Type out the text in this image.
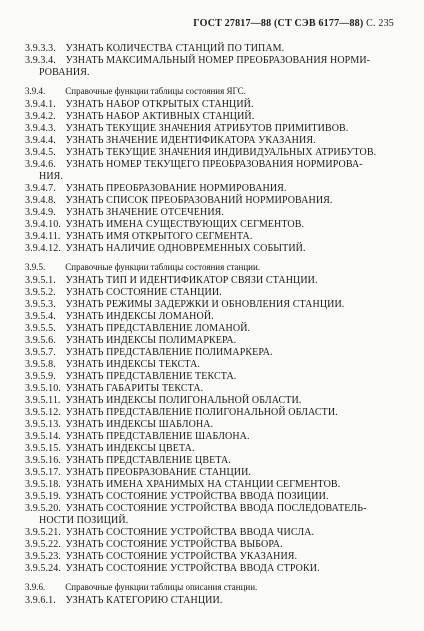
ГОСТ 27817—88 (СТ СЭВ 6177—88) С. 235
3.9.3.3. УЗНАТЬ КОЛИЧЕСТВА СТАНЦИЙ ПО ТИПАМ.
3.9.3.4. УЗНАТЬ МАКСИМАЛЬНЫЙ НОМЕР ПРЕОБРАЗОВАНИЯ НОРМИ-
РОВАНИЯ.
3.9.4. Справочные функции таблицы состояния ЯГС.
3.9.4.1. УЗНАТЬ НАБОР ОТКРЫТЫХ СТАНЦИЙ.
3.9.4.2. УЗНАТЬ НАБОР АКТИВНЫХ СТАНЦИЙ.
3.9.4.3. УЗНАТЬ ТЕКУЩИЕ ЗНАЧЕНИЯ АТРИБУТОВ ПРИМИТИВОВ.
3.9.4.4. УЗНАТЬ ЗНАЧЕНИЕ ИДЕНТИФИКАТОРА УКАЗАНИЯ.
3.9.4.5. УЗНАТЬ ТЕКУЩИЕ ЗНАЧЕНИЯ ИНДИВИДУАЛЬНЫХ АТРИБУТОВ.
3.9.4.6. УЗНАТЬ НОМЕР ТЕКУЩЕГО ПРЕОБРАЗОВАНИЯ НОРМИРОВА-
НИЯ.
3.9.4.7. УЗНАТЬ ПРЕОБРАЗОВАНИЕ НОРМИРОВАНИЯ.
3.9.4.8. УЗНАТЬ СПИСОК ПРЕОБРАЗОВАНИЙ НОРМИРОВАНИЯ.
3.9.4.9. УЗНАТЬ ЗНАЧЕНИЕ ОТСЕЧЕНИЯ.
3.9.4.10. УЗНАТЬ ИМЕНА СУЩЕСТВУЮЩИХ СЕГМЕНТОВ.
3.9.4.11. УЗНАТЬ ИМЯ ОТКРЫТОГО СЕГМЕНТА.
3.9.4.12. УЗНАТЬ НАЛИЧИЕ ОДНОВРЕМЕННЫХ СОБЫТИЙ.
3.9.5. Справочные функции таблицы состояния станции.
3.9.5.1. УЗНАТЬ ТИП И ИДЕНТИФИКАТОР СВЯЗИ СТАНЦИИ.
3.9.5.2. УЗНАТЬ СОСТОЯНИЕ СТАНЦИИ.
3.9.5.3. УЗНАТЬ РЕЖИМЫ ЗАДЕРЖКИ И ОБНОВЛЕНИЯ СТАНЦИИ.
3.9.5.4. УЗНАТЬ ИНДЕКСЫ ЛОМАНОЙ.
3.9.5.5. УЗНАТЬ ПРЕДСТАВЛЕНИЕ ЛОМАНОЙ.
3.9.5.6. УЗНАТЬ ИНДЕКСЫ ПОЛИМАРКЕРА.
3.9.5.7. УЗНАТЬ ПРЕДСТАВЛЕНИЕ ПОЛИМАРКЕРА.
3.9.5.8. УЗНАТЬ ИНДЕКСЫ ТЕКСТА.
3.9.5.9. УЗНАТЬ ПРЕДСТАВЛЕНИЕ ТЕКСТА.
3.9.5.10. УЗНАТЬ ГАБАРИТЫ ТЕКСТА.
3.9.5.11. УЗНАТЬ ИНДЕКСЫ ПОЛИГОНАЛЬНОЙ ОБЛАСТИ.
3.9.5.12. УЗНАТЬ ПРЕДСТАВЛЕНИЕ ПОЛИГОНАЛЬНОЙ ОБЛАСТИ.
3.9.5.13. УЗНАТЬ ИНДЕКСЫ ШАБЛОНА.
3.9.5.14. УЗНАТЬ ПРЕДСТАВЛЕНИЕ ШАБЛОНА.
3.9.5.15. УЗНАТЬ ИНДЕКСЫ ЦВЕТА.
3.9.5.16. УЗНАТЬ ПРЕДСТАВЛЕНИЕ ЦВЕТА.
3.9.5.17. УЗНАТЬ ПРЕОБРАЗОВАНИЕ СТАНЦИИ.
3.9.5.18. УЗНАТЬ ИМЕНА ХРАНИМЫХ НА СТАНЦИИ СЕГМЕНТОВ.
3.9.5.19. УЗНАТЬ СОСТОЯНИЕ УСТРОЙСТВА ВВОДА ПОЗИЦИИ.
3.9.5.20. УЗНАТЬ СОСТОЯНИЕ УСТРОЙСТВА ВВОДА ПОСЛЕДОВАТЕЛЬ-
НОСТИ ПОЗИЦИЙ.
3.9.5.21. УЗНАТЬ СОСТОЯНИЕ УСТРОЙСТВА ВВОДА ЧИСЛА.
3.9.5.22. УЗНАТЬ СОСТОЯНИЕ УСТРОЙСТВА ВЫБОРА.
3.9.5.23. УЗНАТЬ СОСТОЯНИЕ УСТРОЙСТВА УКАЗАНИЯ.
3.9.5.24. УЗНАТЬ СОСТОЯНИЕ УСТРОЙСТВА ВВОДА СТРОКИ.
3.9.6. Справочные функции таблицы описания станции.
3.9.6.1. УЗНАТЬ КАТЕГОРИЮ СТАНЦИИ.
